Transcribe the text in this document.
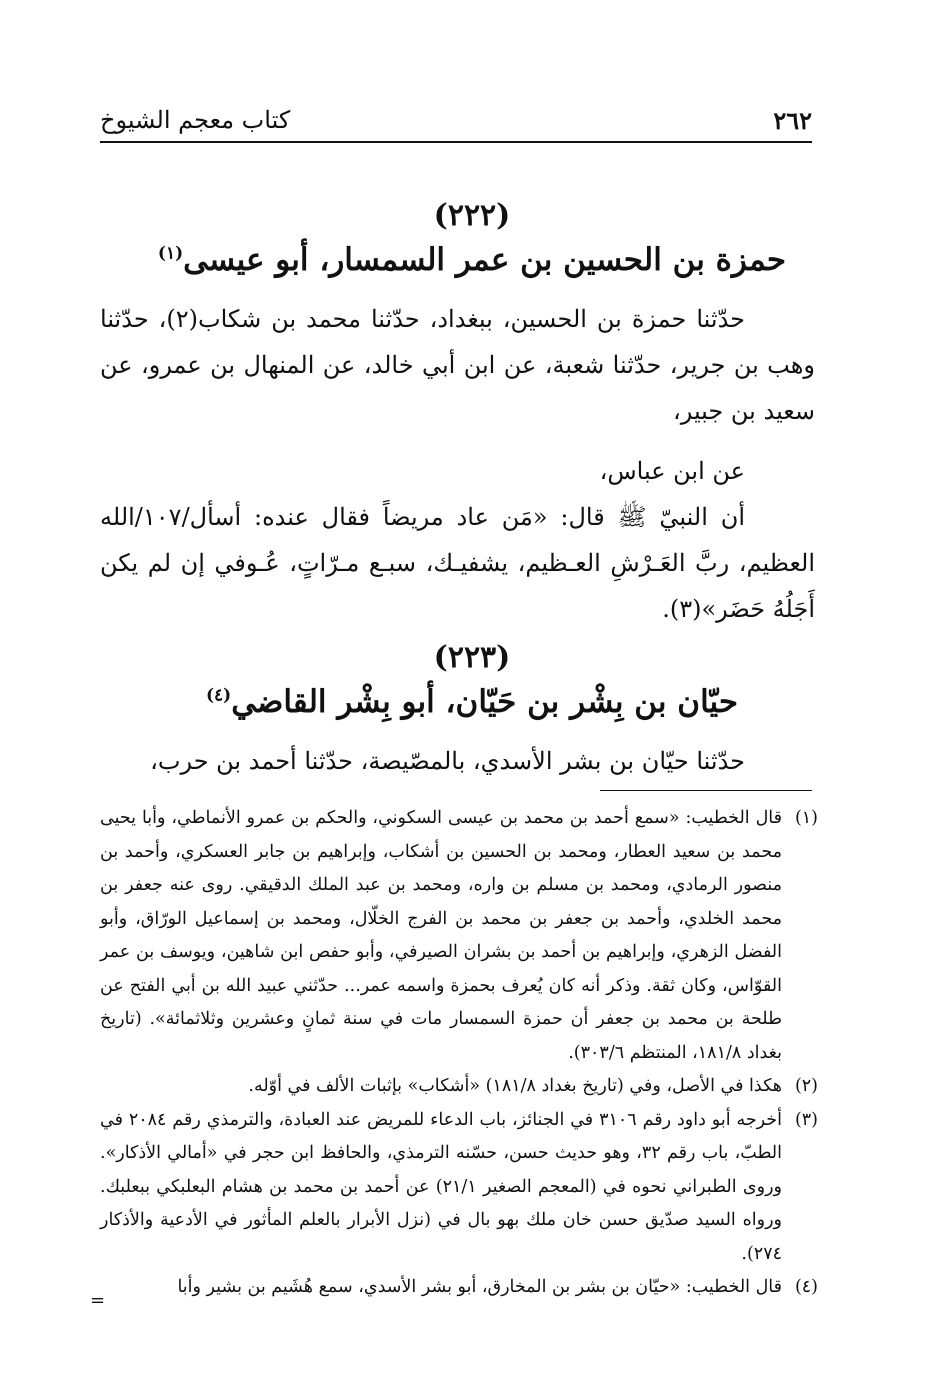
٢٦٢
كتاب معجم الشيوخ
(٢٢٢)
حمزة بن الحسين بن عمر السمسار، أبو عيسى$^{(١)}$

حدّثنا حمزة بن الحسين، ببغداد، حدّثنا محمد بن شكاب(٢)، حدّثنا وهب بن جرير، حدّثنا شعبة، عن ابن أبي خالد، عن المنهال بن عمرو، عن سعيد بن جبير،

عن ابن عباس،

أن النبيّ ﷺ قال: «مَن عاد مريضاً فقال عنده: أسأل/١٠٧/الله العظيم، ربَّ العَـرْشِ العـظيم، يشفيـك، سبـع مـرّاتٍ، عُـوفي إن لم يكن أَجَلُهُ حَضَر»(٣).

(٢٢٣)
حيّان بن بِشْر بن حَيّان، أبو بِشْر القاضي$^{(٤)}$

حدّثنا حيّان بن بشر الأسدي، بالمصّيصة، حدّثنا أحمد بن حرب،

(١)
قال الخطيب: «سمع أحمد بن محمد بن عيسى السكوني، والحكم بن عمرو الأنماطي، وأبا يحيى محمد بن سعيد العطار، ومحمد بن الحسين بن أشكاب، وإبراهيم بن جابر العسكري، وأحمد بن منصور الرمادي، ومحمد بن مسلم بن واره، ومحمد بن عبد الملك الدقيقي. روى عنه جعفر بن محمد الخلدي، وأحمد بن جعفر بن محمد بن الفرج الخلّال، ومحمد بن إسماعيل الورّاق، وأبو الفضل الزهري، وإبراهيم بن أحمد بن بشران الصيرفي، وأبو حفص ابن شاهين، ويوسف بن عمر القوّاس، وكان ثقة. وذكر أنه كان يُعرف بحمزة واسمه عمر... حدّثني عبيد الله بن أبي الفتح عن طلحة بن محمد بن جعفر أن حمزة السمسار مات في سنة ثمانٍ وعشرين وثلاثمائة». (تاريخ بغداد ١٨١/٨، المنتظم ٣٠٣/٦).

(٢)
هكذا في الأصل، وفي (تاريخ بغداد ١٨١/٨) «أشكاب» بإثبات الألف في أوّله.

(٣)
أخرجه أبو داود رقم ٣١٠٦ في الجنائز، باب الدعاء للمريض عند العبادة، والترمذي رقم ٢٠٨٤ في الطبّ، باب رقم ٣٢، وهو حديث حسن، حسّنه الترمذي، والحافظ ابن حجر في «أمالي الأذكار». وروى الطبراني نحوه في (المعجم الصغير ٢١/١) عن أحمد بن محمد بن هشام البعلبكي ببعلبك. ورواه السيد صدّيق حسن خان ملك بهو بال في (نزل الأبرار بالعلم المأثور في الأدعية والأذكار ٢٧٤).

(٤)
قال الخطيب: «حيّان بن بشر بن المخارق، أبو بشر الأسدي، سمع هُشَيم بن بشير وأبا

=
